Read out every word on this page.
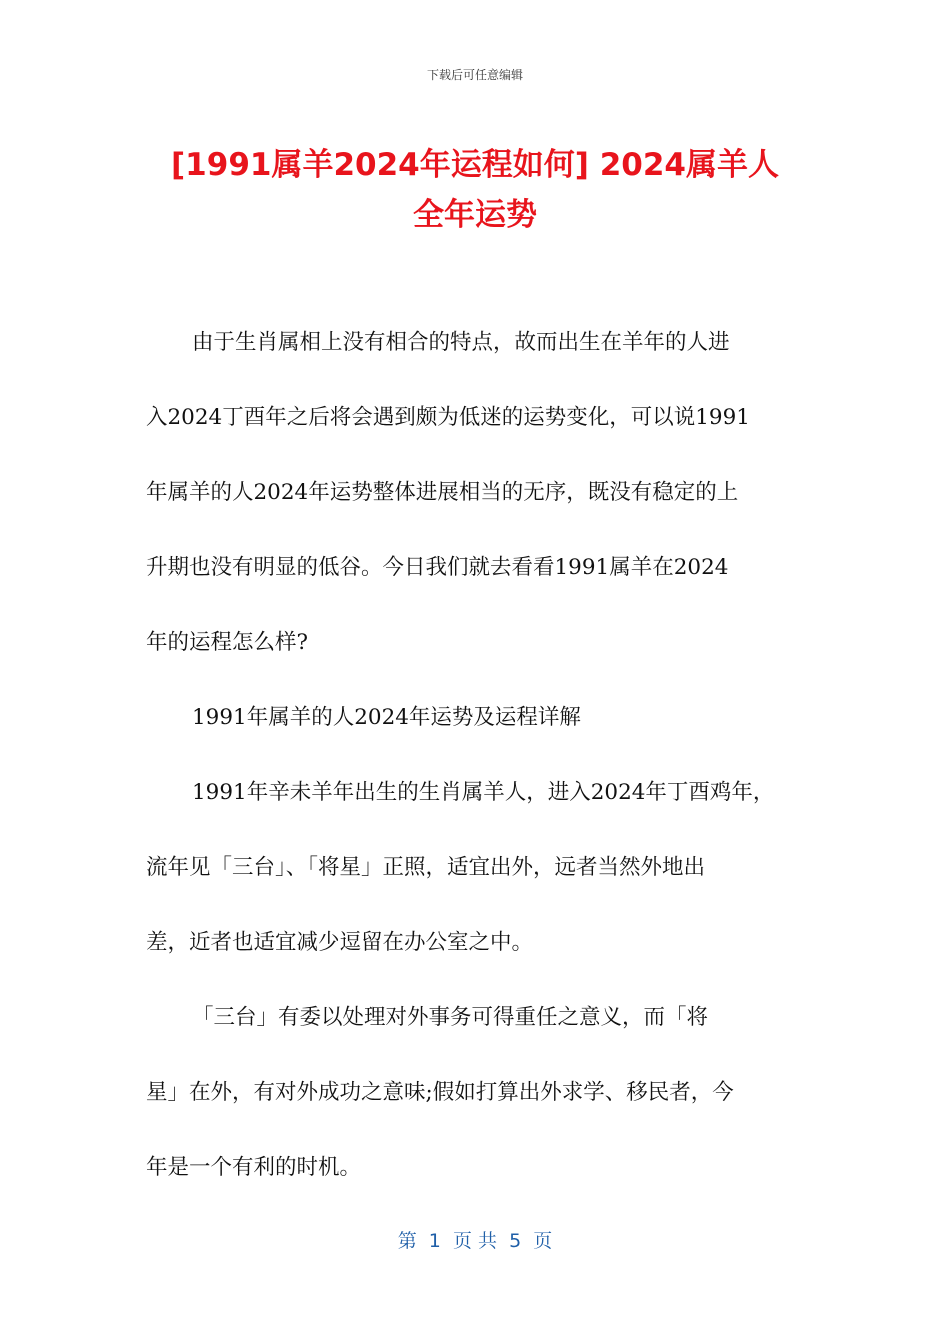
下载后可任意编辑
[1991属羊2024年运程如何] 2024属羊人
全年运势
由于生肖属相上没有相合的特点，故而出生在羊年的人进
入2024丁酉年之后将会遇到颇为低迷的运势变化，可以说1991
年属羊的人2024年运势整体进展相当的无序，既没有稳定的上
升期也没有明显的低谷。今日我们就去看看1991属羊在2024
年的运程怎么样?
1991年属羊的人2024年运势及运程详解
1991年辛未羊年出生的生肖属羊人，进入2024年丁酉鸡年，
流年见「三台」、「将星」正照，适宜出外，远者当然外地出
差，近者也适宜减少逗留在办公室之中。
「三台」有委以处理对外事务可得重任之意义，而「将
星」在外，有对外成功之意味;假如打算出外求学、移民者，今
年是一个有利的时机。
第  1  页 共  5  页
